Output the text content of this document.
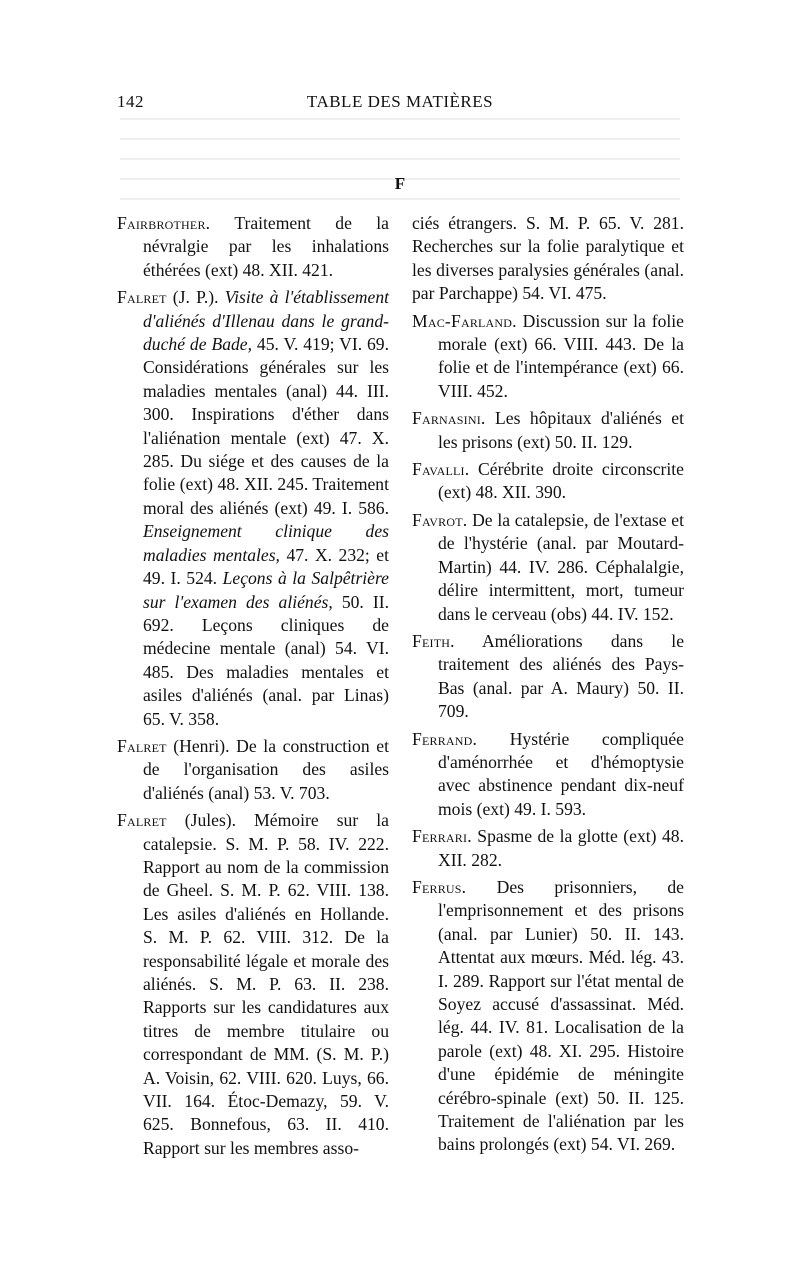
142	TABLE DES MATIÈRES
F

Fairbrother. Traitement de la névralgie par les inhalations éthérées (ext) 48. XII. 421.

Falret (J. P.). Visite à l'établissement d'aliénés d'Illenau dans le grand-duché de Bade, 45. V. 419; VI. 69. Considérations générales sur les maladies mentales (anal) 44. III. 300. Inspirations d'éther dans l'aliénation mentale (ext) 47. X. 285. Du siége et des causes de la folie (ext) 48. XII. 245. Traitement moral des aliénés (ext) 49. I. 586. Enseignement clinique des maladies mentales, 47. X. 232; et 49. I. 524. Leçons à la Salpêtrière sur l'examen des aliénés, 50. II. 692. Leçons cliniques de médecine mentale (anal) 54. VI. 485. Des maladies mentales et asiles d'aliénés (anal. par Linas) 65. V. 358.

Falret (Henri). De la construction et de l'organisation des asiles d'aliénés (anal) 53. V. 703.

Falret (Jules). Mémoire sur la catalepsie. S. M. P. 58. IV. 222. Rapport au nom de la commission de Gheel. S. M. P. 62. VIII. 138. Les asiles d'aliénés en Hollande. S. M. P. 62. VIII. 312. De la responsabilité légale et morale des aliénés. S. M. P. 63. II. 238. Rapports sur les candidatures aux titres de membre titulaire ou correspondant de MM. (S. M. P.) A. Voisin, 62. VIII. 620. Luys, 66. VII. 164. Étoc-Demazy, 59. V. 625. Bonnefous, 63. II. 410. Rapport sur les membres asso-

ciés étrangers. S. M. P. 65. V. 281. Recherches sur la folie paralytique et les diverses paralysies générales (anal. par Parchappe) 54. VI. 475.

Mac-Farland. Discussion sur la folie morale (ext) 66. VIII. 443. De la folie et de l'intempérance (ext) 66. VIII. 452.

Farnasini. Les hôpitaux d'aliénés et les prisons (ext) 50. II. 129.

Favalli. Cérébrite droite circonscrite (ext) 48. XII. 390.

Favrot. De la catalepsie, de l'extase et de l'hystérie (anal. par Moutard-Martin) 44. IV. 286. Céphalalgie, délire intermittent, mort, tumeur dans le cerveau (obs) 44. IV. 152.

Feith. Améliorations dans le traitement des aliénés des Pays-Bas (anal. par A. Maury) 50. II. 709.

Ferrand. Hystérie compliquée d'aménorrhée et d'hémoptysie avec abstinence pendant dix-neuf mois (ext) 49. I. 593.

Ferrari. Spasme de la glotte (ext) 48. XII. 282.

Ferrus. Des prisonniers, de l'emprisonnement et des prisons (anal. par Lunier) 50. II. 143. Attentat aux mœurs. Méd. lég. 43. I. 289. Rapport sur l'état mental de Soyez accusé d'assassinat. Méd. lég. 44. IV. 81. Localisation de la parole (ext) 48. XI. 295. Histoire d'une épidémie de méningite cérébro-spinale (ext) 50. II. 125. Traitement de l'aliénation par les bains prolongés (ext) 54. VI. 269.
